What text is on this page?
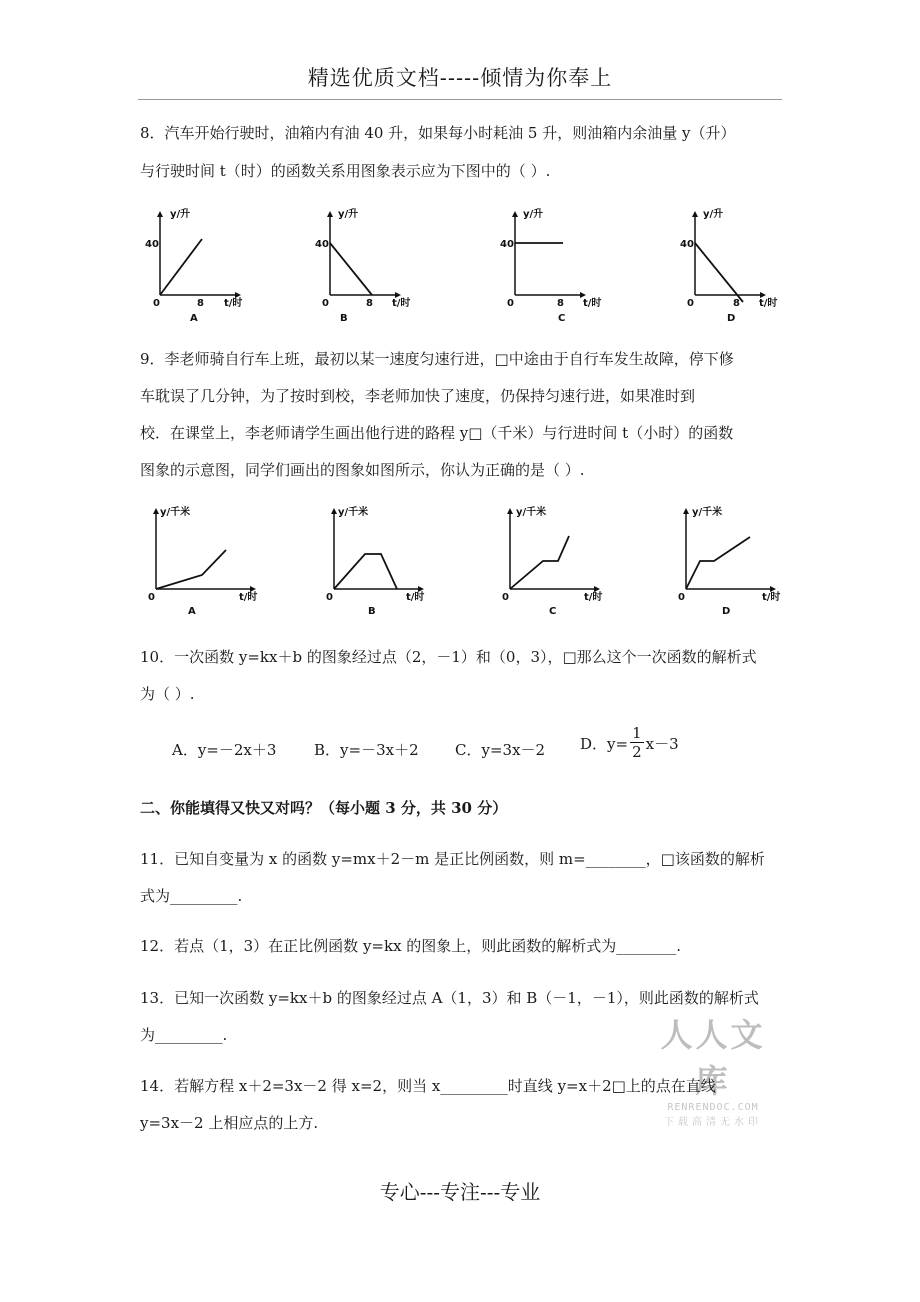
精选优质文档-----倾情为你奉上
8．汽车开始行驶时，油箱内有油 40 升，如果每小时耗油 5 升，则油箱内余油量 y（升）
与行驶时间 t（时）的函数关系用图象表示应为下图中的（ ）.
y/升
40
0	8 t/时
A
y/升
40
0	8 t/时
B
y/升
40
0	8 t/时
C
y/升
40
0	8 t/时
D
9．李老师骑自行车上班，最初以某一速度匀速行进，□中途由于自行车发生故障，停下修
车耽误了几分钟，为了按时到校，李老师加快了速度，仍保持匀速行进，如果准时到
校．在课堂上，李老师请学生画出他行进的路程 y□（千米）与行进时间 t（小时）的函数
图象的示意图，同学们画出的图象如图所示，你认为正确的是（ ）.
y/千米
0	t/时
A
y/千米
0	t/时
B
y/千米
0	t/时
C
y/千米
0	t/时
D
10．一次函数 y=kx＋b 的图象经过点（2，－1）和（0，3），□那么这个一次函数的解析式
为（ ）.
A．y=－2x＋3	B．y=－3x＋2 C．y=3x－2 D．$y= \frac{1}{2} x-3$
二、你能填得又快又对吗？（每小题 3 分，共 30 分）
11．已知自变量为 x 的函数 y=mx＋2－m 是正比例函数，则 m=________，□该函数的解析
式为_________.
12．若点（1，3）在正比例函数 y=kx 的图象上，则此函数的解析式为________.
13．已知一次函数 y=kx＋b 的图象经过点 A（1，3）和 B（－1，－1），则此函数的解析式
为_________.	人人文库
RENRENDOC.COM
下载高清无水印
14．若解方程 x＋2=3x－2 得 x=2，则当 x_________时直线 y=x＋2□上的点在直线
y=3x－2 上相应点的上方.
专心---专注---专业
